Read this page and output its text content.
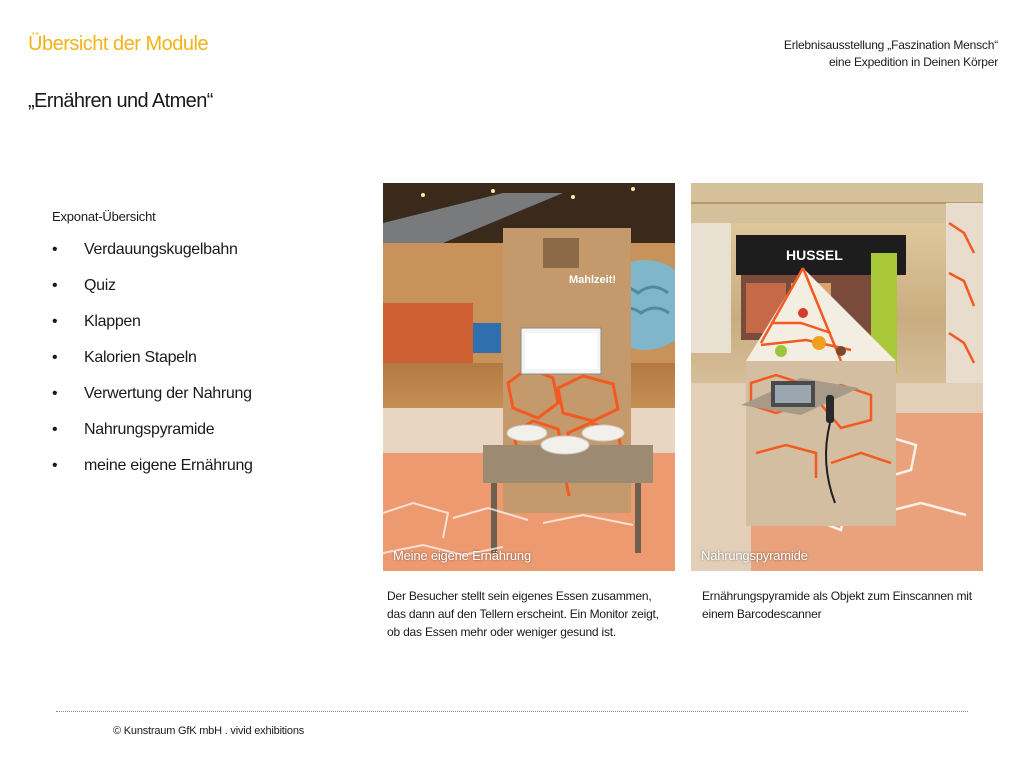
Übersicht der Module	Erlebnisausstellung „Faszination Mensch“
eine Expedition in Deinen Körper
„Ernähren und Atmen“
Exponat-Übersicht
•	Verdauungskugelbahn
•	Quiz
•	Klappen
•	Kalorien Stapeln
•	Verwertung der Nahrung
•	Nahrungspyramide
•	meine eigene Ernährung
Mahlzeit!
Meine eigene Ernährung
HUSSEL
Nahrungspyramide
Der Besucher stellt sein eigenes Essen zusammen, das dann auf den Tellern erscheint. Ein Monitor zeigt, ob das Essen mehr oder weniger gesund ist.
Ernährungspyramide als Objekt zum Einscannen mit einem Barcodescanner
© Kunstraum GfK mbH . vivid exhibitions
